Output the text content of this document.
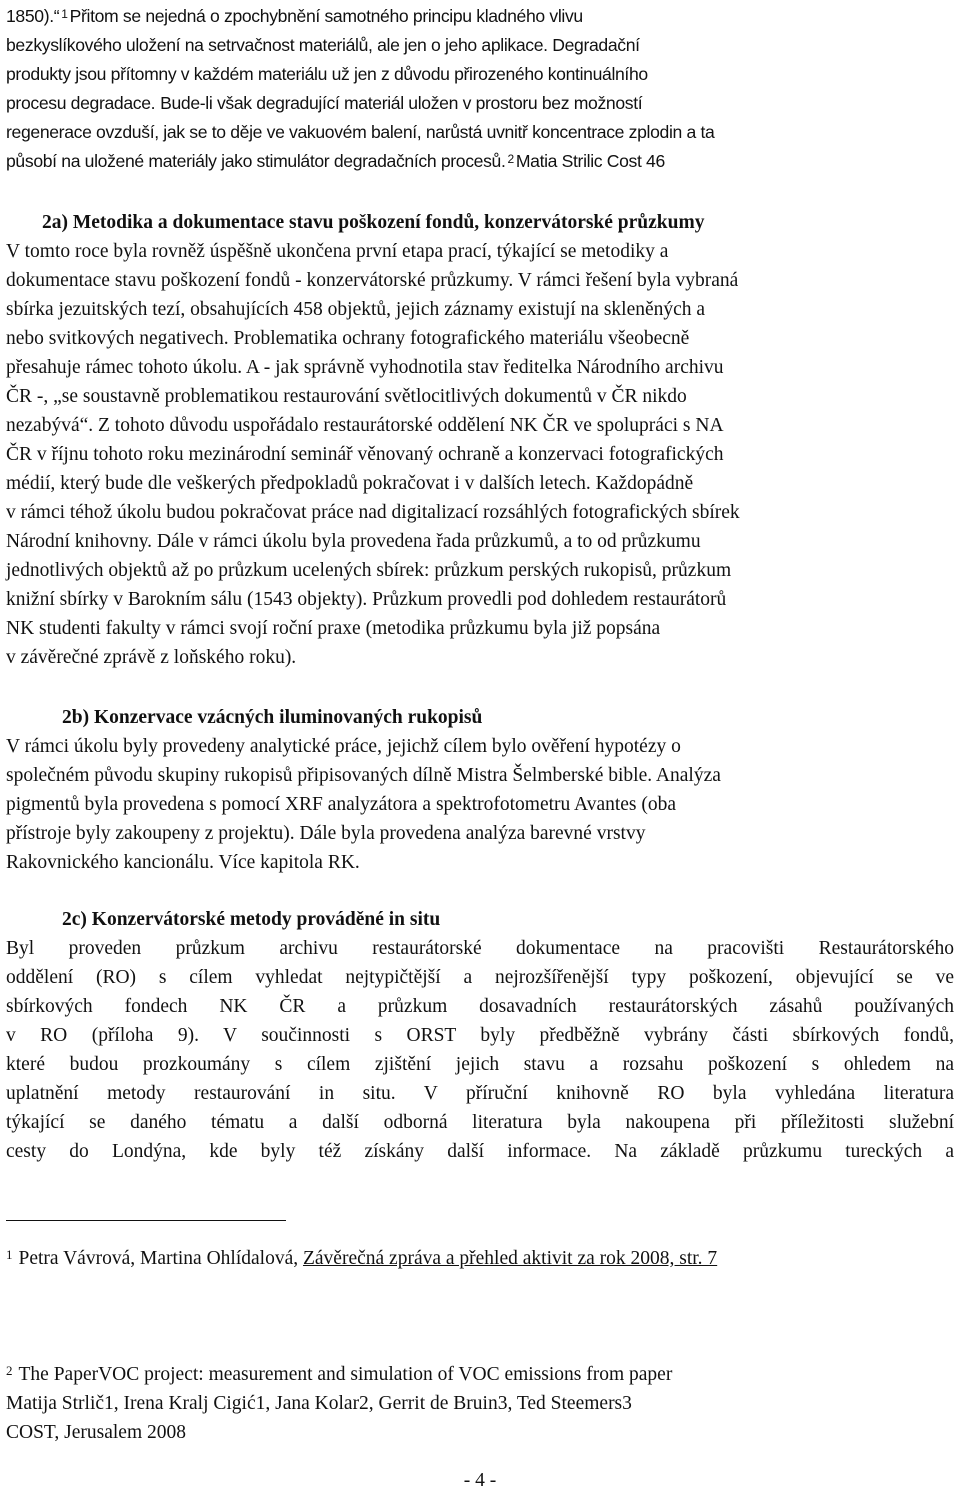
1850).“ $^1$ Přitom se nejedná o zpochybnění samotného principu kladného vlivu
bezkyslíkového uložení na setrvačnost materiálů, ale jen o jeho aplikace. Degradační
produkty jsou přítomny v každém materiálu už jen z důvodu přirozeného kontinuálního
procesu degradace. Bude-li však degradující materiál uložen v prostoru bez možností
regenerace ovzduší, jak se to děje ve vakuovém balení, narůstá uvnitř koncentrace zplodin a ta
působí na uložené materiály jako stimulátor degradačních procesů. $^2$ Matia Strilic Cost 46
2a) Metodika a dokumentace stavu poškození fondů, konzervátorské průzkumy
V tomto roce byla rovněž úspěšně ukončena první etapa prací, týkající se metodiky a
dokumentace stavu poškození fondů - konzervátorské průzkumy. V rámci řešení byla vybraná
sbírka jezuitských tezí, obsahujících 458 objektů, jejich záznamy existují na skleněných a
nebo svitkových negativech. Problematika ochrany fotografického materiálu všeobecně
přesahuje rámec tohoto úkolu. A - jak správně vyhodnotila stav ředitelka Národního archivu
ČR -, „se soustavně problematikou restaurování světlocitlivých dokumentů v ČR nikdo
nezabývá“. Z tohoto důvodu uspořádalo restaurátorské oddělení NK ČR ve spolupráci s NA
ČR v říjnu tohoto roku mezinárodní seminář věnovaný ochraně a konzervaci fotografických
médií, který bude dle veškerých předpokladů pokračovat i v dalších letech. Každopádně
v rámci téhož úkolu budou pokračovat práce nad digitalizací rozsáhlých fotografických sbírek
Národní knihovny. Dále v rámci úkolu byla provedena řada průzkumů, a to od průzkumu
jednotlivých objektů až po průzkum ucelených sbírek: průzkum perských rukopisů, průzkum
knižní sbírky v Barokním sálu (1543 objekty). Průzkum provedli pod dohledem restaurátorů
NK studenti fakulty v rámci svojí roční praxe (metodika průzkumu byla již popsána
v závěrečné zprávě z loňského roku).
2b) Konzervace vzácných iluminovaných rukopisů
V rámci úkolu byly provedeny analytické práce, jejichž cílem bylo ověření hypotézy o
společném původu skupiny rukopisů připisovaných dílně Mistra Šelmberské bible. Analýza
pigmentů byla provedena s pomocí XRF analyzátora a spektrofotometru Avantes (oba
přístroje byly zakoupeny z projektu). Dále byla provedena analýza barevné vrstvy
Rakovnického kancionálu. Více kapitola RK.
2c) Konzervátorské metody prováděné in situ
Byl proveden průzkum archivu restaurátorské dokumentace na pracovišti Restaurátorského
oddělení (RO) s cílem vyhledat nejtypičtější a nejrozšířenější typy poškození, objevující se ve
sbírkových fondech NK ČR a průzkum dosavadních restaurátorských zásahů používaných
v RO (příloha 9). V součinnosti s ORST byly předběžně vybrány části sbírkových fondů,
které budou prozkoumány s cílem zjištění jejich stavu a rozsahu poškození s ohledem na
uplatnění metody restaurování in situ. V příruční knihovně RO byla vyhledána literatura
týkající se daného tématu a další odborná literatura byla nakoupena při příležitosti služební
cesty do Londýna, kde byly též získány další informace. Na základě průzkumu tureckých a
$^1$ Petra Vávrová, Martina Ohlídalová, Závěrečná zpráva a přehled aktivit za rok 2008, str. 7
$^2$ The PaperVOC project: measurement and simulation of VOC emissions from paper
Matija Strlič1, Irena Kralj Cigić1, Jana Kolar2, Gerrit de Bruin3, Ted Steemers3
COST, Jerusalem 2008
- 4 -
